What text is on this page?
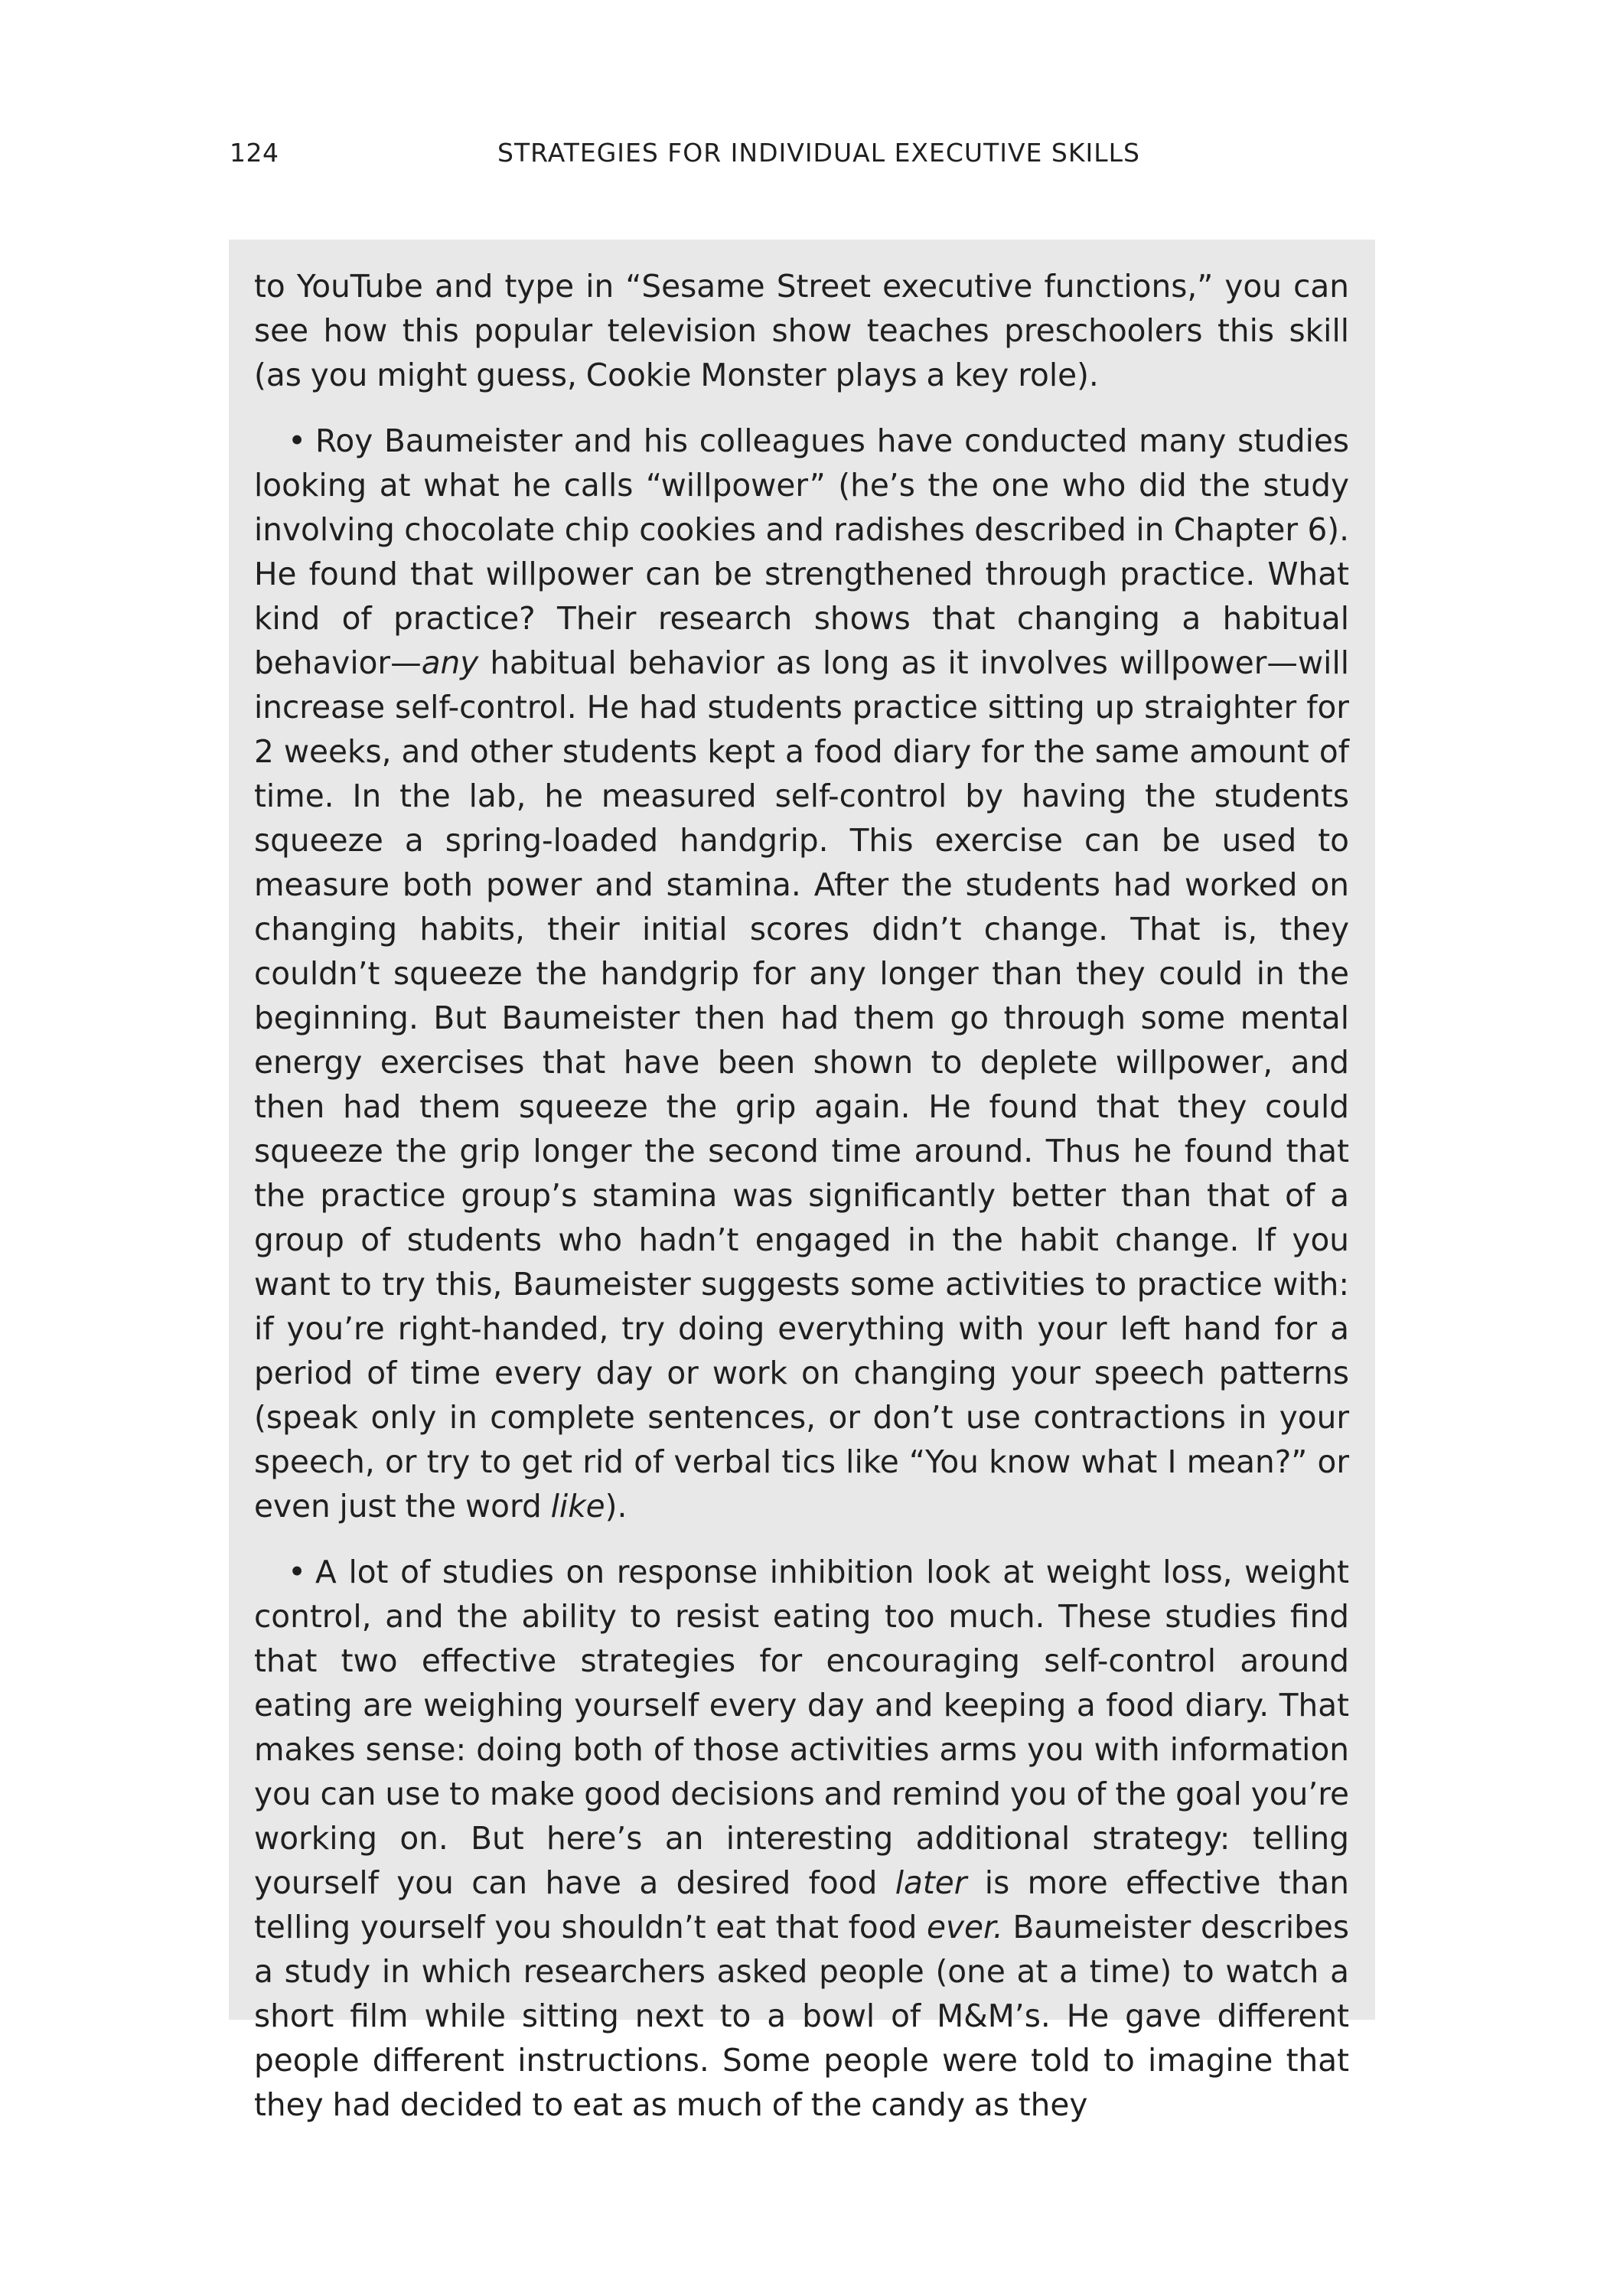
124	STRATEGIES FOR INDIVIDUAL EXECUTIVE SKILLS

to YouTube and type in “Sesame Street executive functions,” you can see how this popular television show teaches preschoolers this skill (as you might guess, Cookie Monster plays a key role).

• Roy Baumeister and his colleagues have conducted many studies looking at what he calls “willpower” (he’s the one who did the study involving chocolate chip cookies and radishes described in Chapter 6). He found that willpower can be strengthened through practice. What kind of practice? Their research shows that changing a habitual behavior—any habitual behavior as long as it involves willpower—will increase self-control. He had students practice sitting up straighter for 2 weeks, and other students kept a food diary for the same amount of time. In the lab, he measured self-control by having the students squeeze a spring-loaded handgrip. This exercise can be used to measure both power and stamina. After the students had worked on changing habits, their initial scores didn’t change. That is, they couldn’t squeeze the handgrip for any longer than they could in the beginning. But Baumeister then had them go through some mental energy exercises that have been shown to deplete willpower, and then had them squeeze the grip again. He found that they could squeeze the grip longer the second time around. Thus he found that the practice group’s stamina was significantly better than that of a group of students who hadn’t engaged in the habit change. If you want to try this, Baumeister suggests some activities to practice with: if you’re right-handed, try doing everything with your left hand for a period of time every day or work on changing your speech patterns (speak only in complete sentences, or don’t use contractions in your speech, or try to get rid of verbal tics like “You know what I mean?” or even just the word like).

• A lot of studies on response inhibition look at weight loss, weight control, and the ability to resist eating too much. These studies find that two effective strategies for encouraging self-control around eating are weighing yourself every day and keeping a food diary. That makes sense: doing both of those activities arms you with information you can use to make good decisions and remind you of the goal you’re working on. But here’s an interesting additional strategy: telling yourself you can have a desired food later is more effective than telling yourself you shouldn’t eat that food ever. Baumeister describes a study in which researchers asked people (one at a time) to watch a short film while sitting next to a bowl of M&M’s. He gave different people different instructions. Some people were told to imagine that they had decided to eat as much of the candy as they
